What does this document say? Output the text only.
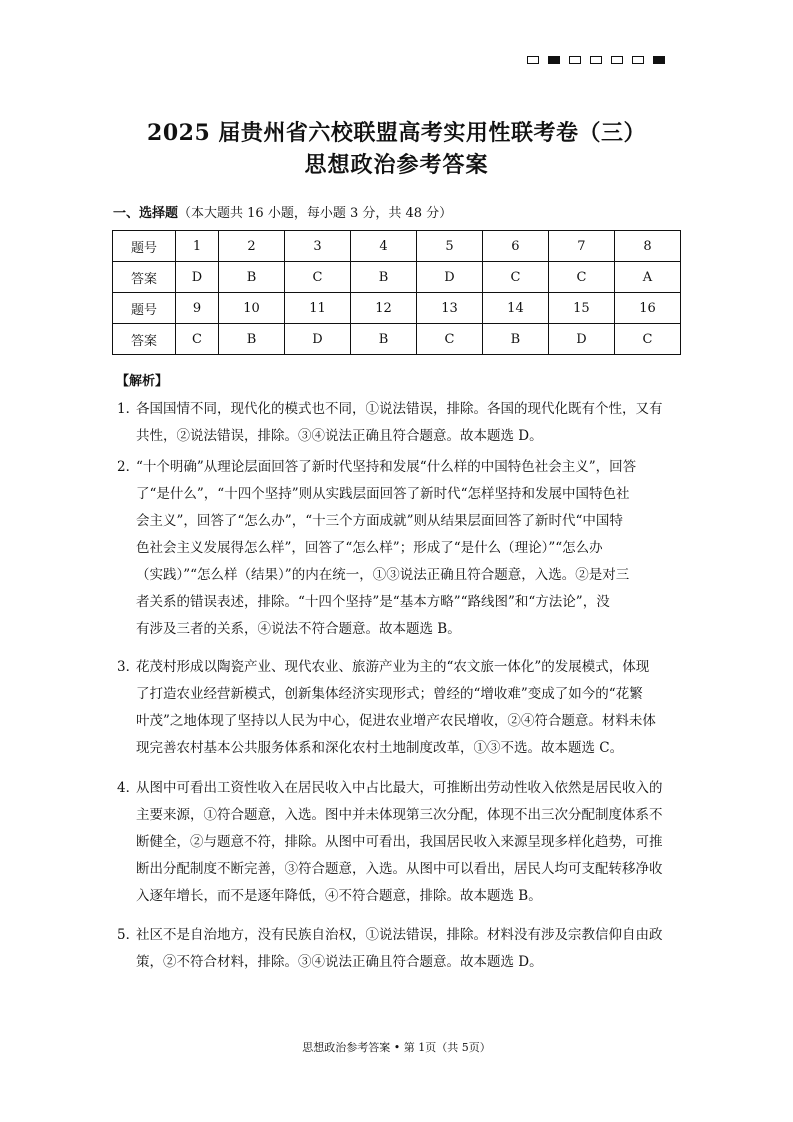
2025 届贵州省六校联盟高考实用性联考卷（三）
思想政治参考答案
一、选择题（本大题共 16 小题，每小题 3 分，共 48 分）
题号	1	2	3	4	5	6	7	8
答案	D	B	C	B	D	C	C	A
题号	9	10	11	12	13	14	15	16
答案	C	B	D	B	C	B	D	C
【解析】
1．
各国国情不同，现代化的模式也不同，①说法错误，排除。各国的现代化既有个性，又有
共性，②说法错误，排除。③④说法正确且符合题意。故本题选 D。
2．
“十个明确”从理论层面回答了新时代坚持和发展“什么样的中国特色社会主义”，回答
了“是什么”，“十四个坚持”则从实践层面回答了新时代“怎样坚持和发展中国特色社
会主义”，回答了“怎么办”，“十三个方面成就”则从结果层面回答了新时代“中国特
色社会主义发展得怎么样”，回答了“怎么样”；形成了“是什么（理论）”“怎么办
（实践）”“怎么样（结果）”的内在统一，①③说法正确且符合题意，入选。②是对三
者关系的错误表述，排除。“十四个坚持”是“基本方略”“路线图”和“方法论”，没
有涉及三者的关系，④说法不符合题意。故本题选 B。
3．
花茂村形成以陶瓷产业、现代农业、旅游产业为主的“农文旅一体化”的发展模式，体现
了打造农业经营新模式，创新集体经济实现形式；曾经的“增收难”变成了如今的“花繁
叶茂”之地体现了坚持以人民为中心，促进农业增产农民增收，②④符合题意。材料未体
现完善农村基本公共服务体系和深化农村土地制度改革，①③不选。故本题选 C。
4．
从图中可看出工资性收入在居民收入中占比最大，可推断出劳动性收入依然是居民收入的
主要来源，①符合题意，入选。图中并未体现第三次分配，体现不出三次分配制度体系不
断健全，②与题意不符，排除。从图中可看出，我国居民收入来源呈现多样化趋势，可推
断出分配制度不断完善，③符合题意，入选。从图中可以看出，居民人均可支配转移净收
入逐年增长，而不是逐年降低，④不符合题意，排除。故本题选 B。
5．
社区不是自治地方，没有民族自治权，①说法错误，排除。材料没有涉及宗教信仰自由政
策，②不符合材料，排除。③④说法正确且符合题意。故本题选 D。
思想政治参考答案 • 第 1页（共 5页）
